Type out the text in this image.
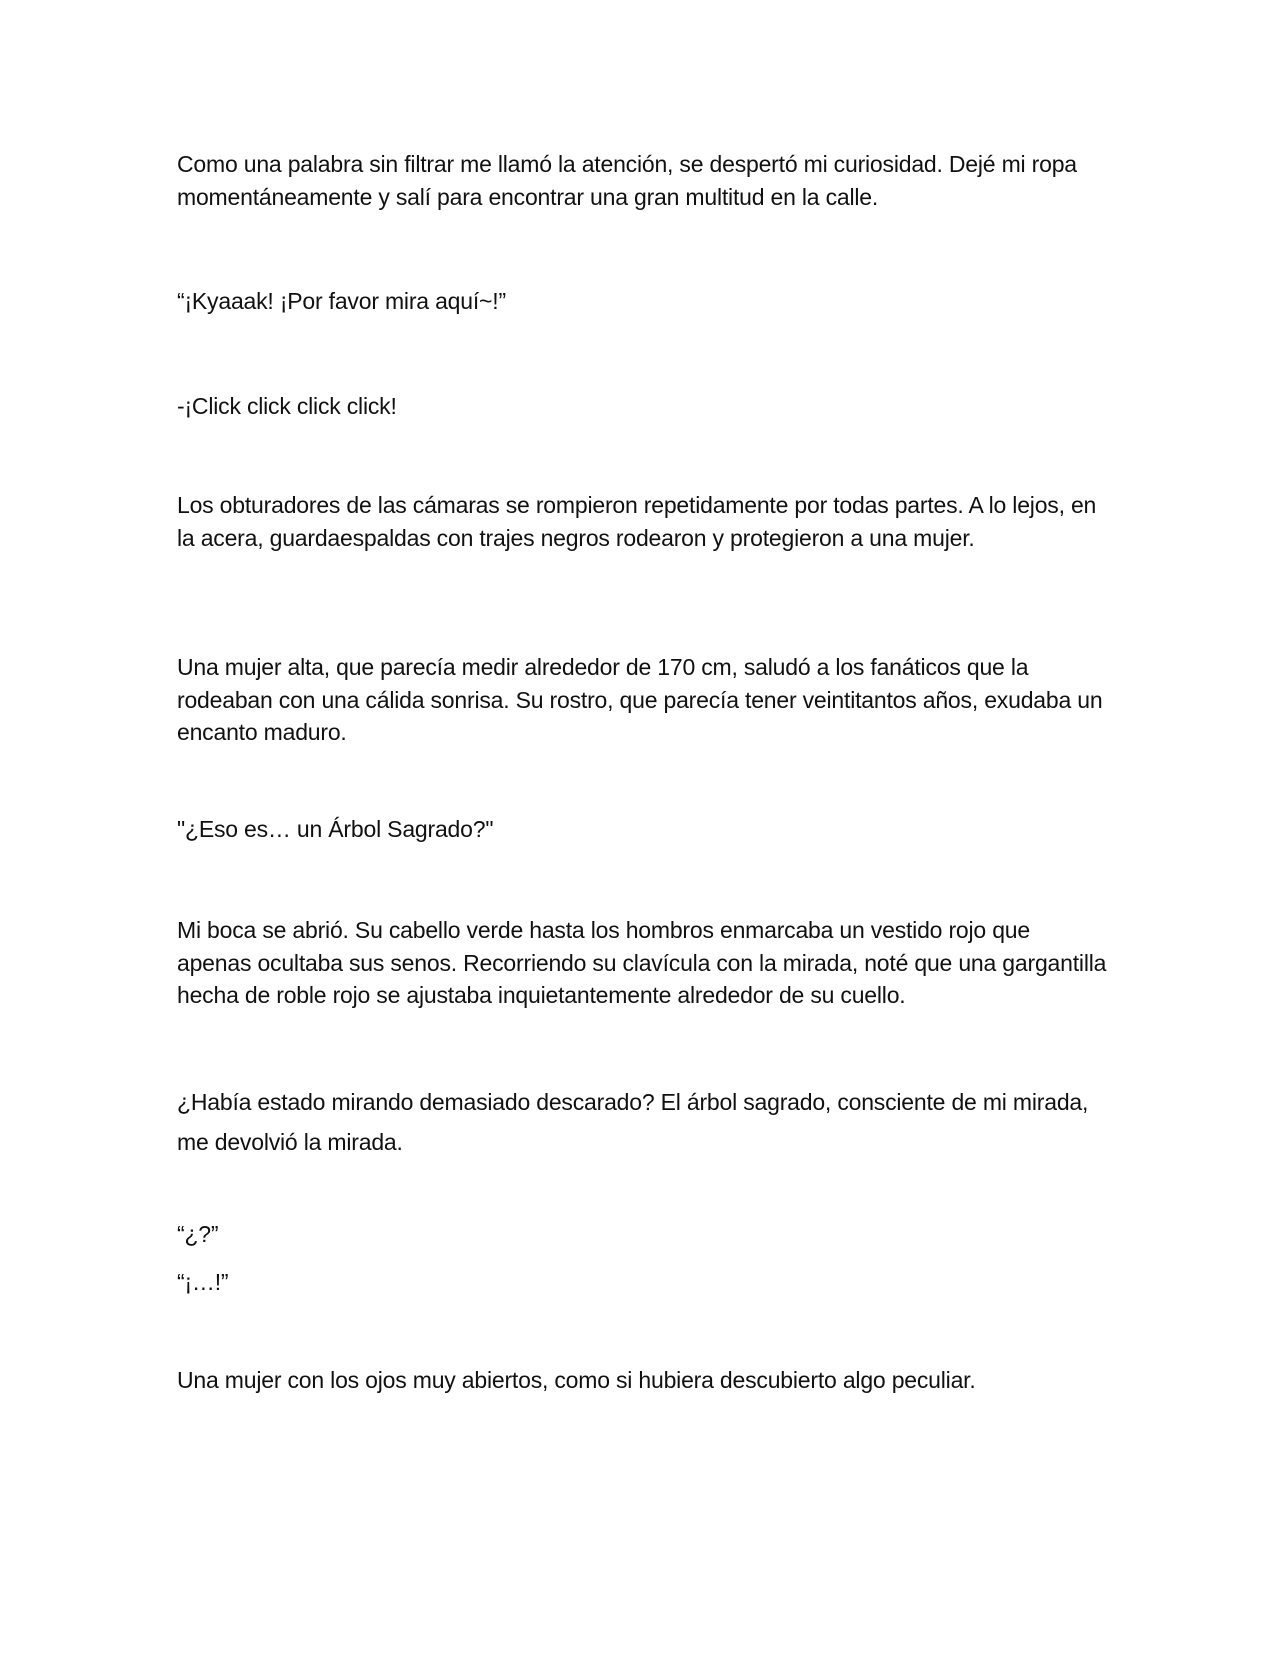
Como una palabra sin filtrar me llamó la atención, se despertó mi curiosidad. Dejé mi ropa momentáneamente y salí para encontrar una gran multitud en la calle.

“¡Kyaaak! ¡Por favor mira aquí~!”

-¡Click click click click!

Los obturadores de las cámaras se rompieron repetidamente por todas partes. A lo lejos, en la acera, guardaespaldas con trajes negros rodearon y protegieron a una mujer.

Una mujer alta, que parecía medir alrededor de 170 cm, saludó a los fanáticos que la rodeaban con una cálida sonrisa. Su rostro, que parecía tener veintitantos años, exudaba un encanto maduro.

"¿Eso es… un Árbol Sagrado?"

Mi boca se abrió. Su cabello verde hasta los hombros enmarcaba un vestido rojo que apenas ocultaba sus senos. Recorriendo su clavícula con la mirada, noté que una gargantilla hecha de roble rojo se ajustaba inquietantemente alrededor de su cuello.

¿Había estado mirando demasiado descarado? El árbol sagrado, consciente de mi mirada, me devolvió la mirada.

“¿?”

“¡…!”

Una mujer con los ojos muy abiertos, como si hubiera descubierto algo peculiar.
